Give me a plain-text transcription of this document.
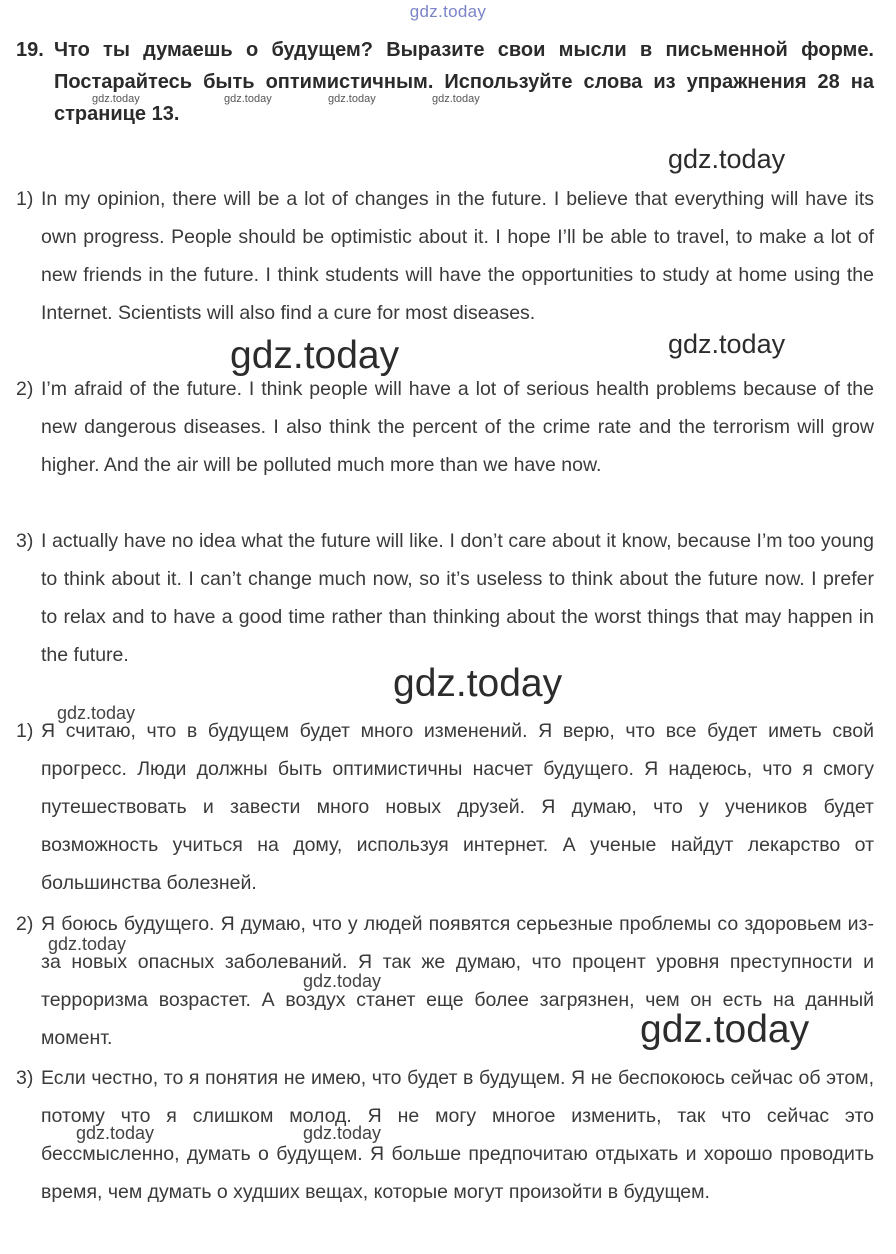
gdz.today
19. Что ты думаешь о будущем? Выразите свои мысли в письменной форме. Постарайтесь быть оптимистичным. Используйте слова из упражнения 28 на странице 13.
1) In my opinion, there will be a lot of changes in the future. I believe that everything will have its own progress. People should be optimistic about it. I hope I’ll be able to travel, to make a lot of new friends in the future. I think students will have the opportunities to study at home using the Internet. Scientists will also find a cure for most diseases.
2) I’m afraid of the future. I think people will have a lot of serious health problems because of the new dangerous diseases. I also think the percent of the crime rate and the terrorism will grow higher. And the air will be polluted much more than we have now.
3) I actually have no idea what the future will like. I don’t care about it know, because I’m too young to think about it. I can’t change much now, so it’s useless to think about the future now. I prefer to relax and to have a good time rather than thinking about the worst things that may happen in the future.
1) Я считаю, что в будущем будет много изменений. Я верю, что все будет иметь свой прогресс. Люди должны быть оптимистичны насчет будущего. Я надеюсь, что я смогу путешествовать и завести много новых друзей. Я думаю, что у учеников будет возможность учиться на дому, используя интернет. А ученые найдут лекарство от большинства болезней.
2) Я боюсь будущего. Я думаю, что у людей появятся серьезные проблемы со здоровьем из-за новых опасных заболеваний. Я так же думаю, что процент уровня преступности и терроризма возрастет. А воздух станет еще более загрязнен, чем он есть на данный момент.
3) Если честно, то я понятия не имею, что будет в будущем. Я не беспокоюсь сейчас об этом, потому что я слишком молод. Я не могу многое изменить, так что сейчас это бессмысленно, думать о будущем. Я больше предпочитаю отдыхать и хорошо проводить время, чем думать о худших вещах, которые могут произойти в будущем.
gdz.today	gdz.today	gdz.today	gdz.today
gdz.today
gdz.today	gdz.today
gdz.today
gdz.today
gdz.today
gdz.today
gdz.today
gdz.today	gdz.today
